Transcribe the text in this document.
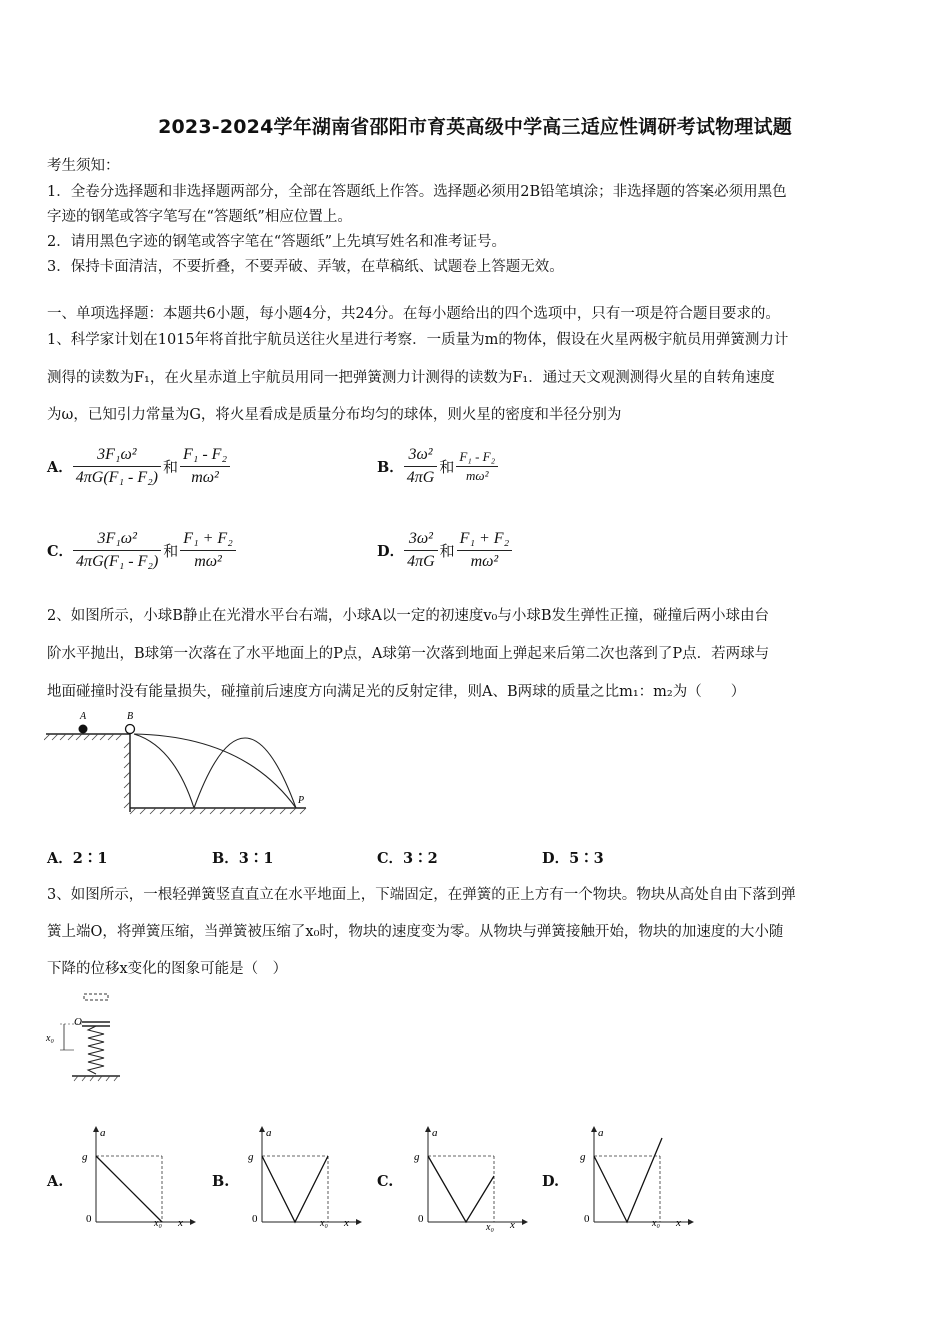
2023-2024学年湖南省邵阳市育英高级中学高三适应性调研考试物理试题
考生须知：
1．全卷分选择题和非选择题两部分，全部在答题纸上作答。选择题必须用2B铅笔填涂；非选择题的答案必须用黑色
字迹的钢笔或答字笔写在“答题纸”相应位置上。
2．请用黑色字迹的钢笔或答字笔在“答题纸”上先填写姓名和准考证号。
3．保持卡面清洁，不要折叠，不要弄破、弄皱，在草稿纸、试题卷上答题无效。
一、单项选择题：本题共6小题，每小题4分，共24分。在每小题给出的四个选项中，只有一项是符合题目要求的。
1、科学家计划在1015年将首批宇航员送往火星进行考察．一质量为m的物体，假设在火星两极宇航员用弹簧测力计
测得的读数为F₁，在火星赤道上宇航员用同一把弹簧测力计测得的读数为F₁．通过天文观测测得火星的自转角速度
为ω，已知引力常量为G，将火星看成是质量分布均匀的球体，则火星的密度和半径分别为
A． $\frac{\text{3F₁ω²}}{\text{4πG(F₁ - F₂)}}$ 和 $\frac{\text{F₁ - F₂}}{\text{mω²}}$	B． $\frac{\text{3ω²}}{4\pi G}$ 和 $\frac{\text{F₁ - F₂}}{\text{mω²}}$
C． $\frac{\text{3F₁ω²}}{\text{4πG(F₁ - F₂)}}$ 和 $\frac{\text{F₁ + F₂}}{\text{mω²}}$	D． $\frac{\text{3ω²}}{4\pi G}$ 和 $\frac{\text{F₁ + F₂}}{\text{mω²}}$
2、如图所示，小球B静止在光滑水平台右端，小球A以一定的初速度v₀与小球B发生弹性正撞，碰撞后两小球由台
阶水平抛出，B球第一次落在了水平地面上的P点，A球第一次落到地面上弹起来后第二次也落到了P点．若两球与
地面碰撞时没有能量损失，碰撞前后速度方向满足光的反射定律，则A、B两球的质量之比m₁：m₂为（　　）
A	B
P
A．2∶1	B．3∶1	C．3∶2	D．5∶3
3、如图所示，一根轻弹簧竖直直立在水平地面上，下端固定，在弹簧的正上方有一个物块。物块从高处自由下落到弹
簧上端O，将弹簧压缩，当弹簧被压缩了x₀时，物块的速度变为零。从物块与弹簧接触开始，物块的加速度的大小随
下降的位移x变化的图象可能是（　）
O
x₀
A.
a
g
0	x₀ x
B.
a
g
0	x₀ x
C.
a
g
0
x₀ x
D.
a
g
0	x₀ x
